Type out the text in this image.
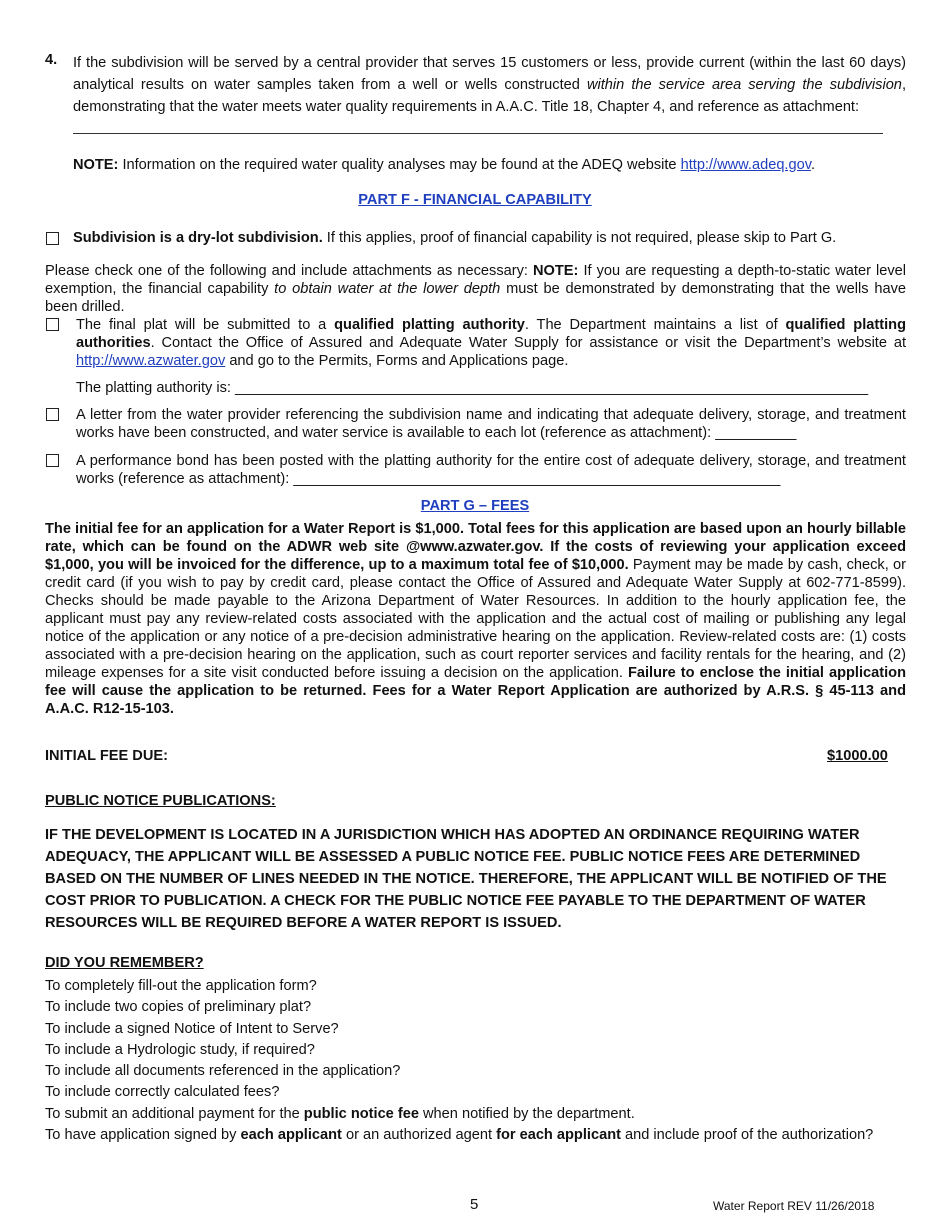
4. If the subdivision will be served by a central provider that serves 15 customers or less, provide current (within the last 60 days) analytical results on water samples taken from a well or wells constructed within the service area serving the subdivision, demonstrating that the water meets water quality requirements in A.A.C. Title 18, Chapter 4, and reference as attachment:
NOTE: Information on the required water quality analyses may be found at the ADEQ website http://www.adeq.gov.
PART F - FINANCIAL CAPABILITY
Subdivision is a dry-lot subdivision. If this applies, proof of financial capability is not required, please skip to Part G.
Please check one of the following and include attachments as necessary: NOTE: If you are requesting a depth-to-static water level exemption, the financial capability to obtain water at the lower depth must be demonstrated by demonstrating that the wells have been drilled.
The final plat will be submitted to a qualified platting authority. The Department maintains a list of qualified platting authorities. Contact the Office of Assured and Adequate Water Supply for assistance or visit the Department’s website at http://www.azwater.gov and go to the Permits, Forms and Applications page.
The platting authority is: ______________________________________________________________________________
A letter from the water provider referencing the subdivision name and indicating that adequate delivery, storage, and treatment works have been constructed, and water service is available to each lot (reference as attachment): __________
A performance bond has been posted with the platting authority for the entire cost of adequate delivery, storage, and treatment works (reference as attachment): ____________________________________________________________
PART G – FEES
The initial fee for an application for a Water Report is $1,000. Total fees for this application are based upon an hourly billable rate, which can be found on the ADWR web site @www.azwater.gov. If the costs of reviewing your application exceed $1,000, you will be invoiced for the difference, up to a maximum total fee of $10,000. Payment may be made by cash, check, or credit card (if you wish to pay by credit card, please contact the Office of Assured and Adequate Water Supply at 602-771-8599). Checks should be made payable to the Arizona Department of Water Resources. In addition to the hourly application fee, the applicant must pay any review-related costs associated with the application and the actual cost of mailing or publishing any legal notice of the application or any notice of a pre-decision administrative hearing on the application. Review-related costs are: (1) costs associated with a pre-decision hearing on the application, such as court reporter services and facility rentals for the hearing, and (2) mileage expenses for a site visit conducted before issuing a decision on the application. Failure to enclose the initial application fee will cause the application to be returned. Fees for a Water Report Application are authorized by A.R.S. § 45-113 and A.A.C. R12-15-103.
INITIAL FEE DUE:	$1000.00
PUBLIC NOTICE PUBLICATIONS:
IF THE DEVELOPMENT IS LOCATED IN A JURISDICTION WHICH HAS ADOPTED AN ORDINANCE REQUIRING WATER
ADEQUACY, THE APPLICANT WILL BE ASSESSED A PUBLIC NOTICE FEE. PUBLIC NOTICE FEES ARE DETERMINED
BASED ON THE NUMBER OF LINES NEEDED IN THE NOTICE. THEREFORE, THE APPLICANT WILL BE NOTIFIED OF THE
COST PRIOR TO PUBLICATION. A CHECK FOR THE PUBLIC NOTICE FEE PAYABLE TO THE DEPARTMENT OF WATER
RESOURCES WILL BE REQUIRED BEFORE A WATER REPORT IS ISSUED.
DID YOU REMEMBER?
To completely fill-out the application form?
To include two copies of preliminary plat?
To include a signed Notice of Intent to Serve?
To include a Hydrologic study, if required?
To include all documents referenced in the application?
To include correctly calculated fees?
To submit an additional payment for the public notice fee when notified by the department.
To have application signed by each applicant or an authorized agent for each applicant and include proof of the authorization?
5	Water Report REV 11/26/2018
